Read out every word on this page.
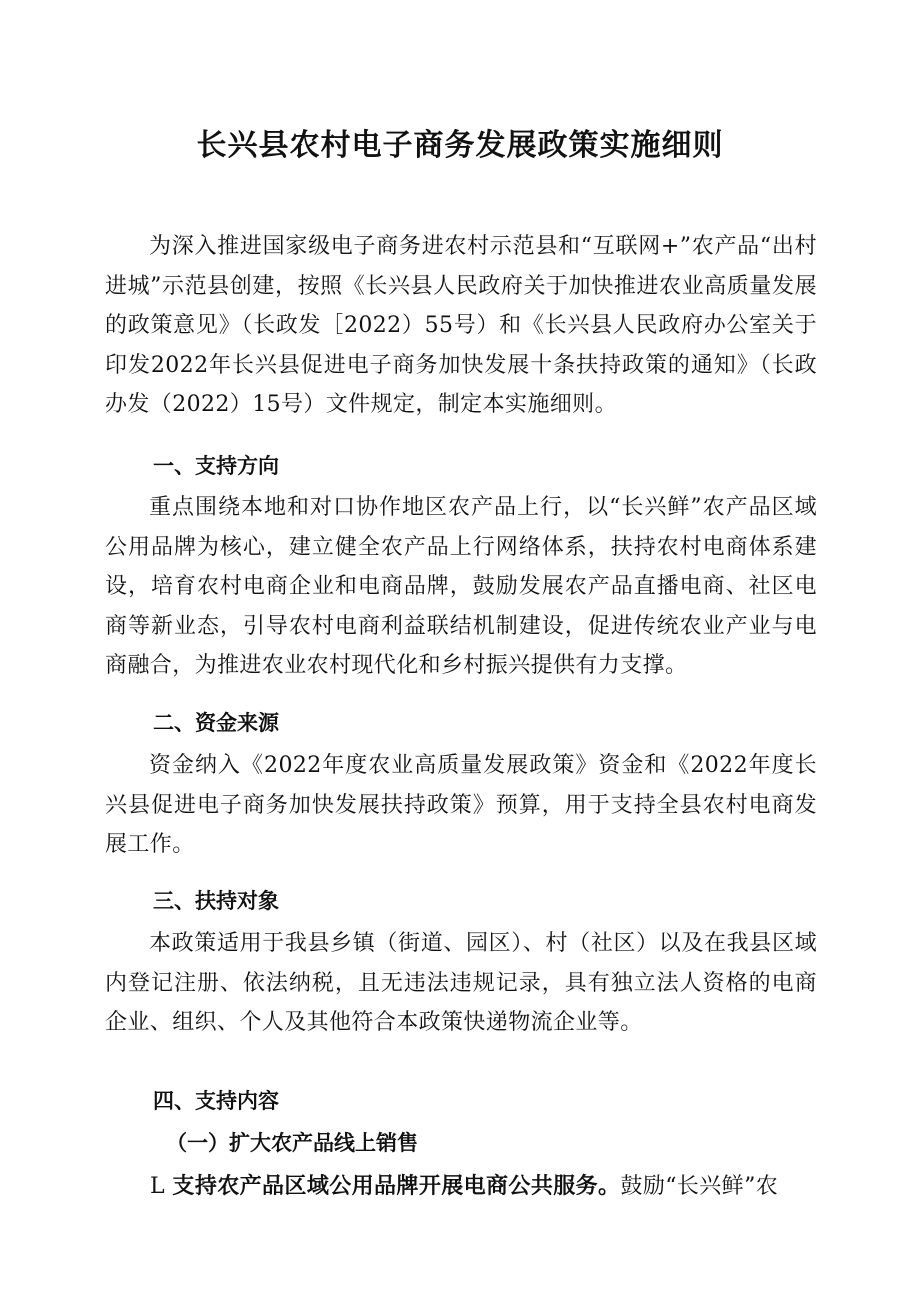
长兴县农村电子商务发展政策实施细则

为深入推进国家级电子商务进农村示范县和“互联网+”农产品“出村进城”示范县创建，按照《长兴县人民政府关于加快推进农业高质量发展的政策意见》（长政发［2022）55号）和《长兴县人民政府办公室关于印发2022年长兴县促进电子商务加快发展十条扶持政策的通知》（长政办发（2022）15号）文件规定，制定本实施细则。

一、支持方向

重点围绕本地和对口协作地区农产品上行，以“长兴鲜”农产品区域公用品牌为核心，建立健全农产品上行网络体系，扶持农村电商体系建设，培育农村电商企业和电商品牌，鼓励发展农产品直播电商、社区电商等新业态，引导农村电商利益联结机制建设，促进传统农业产业与电商融合，为推进农业农村现代化和乡村振兴提供有力支撑。

二、资金来源

资金纳入《2022年度农业高质量发展政策》资金和《2022年度长兴县促进电子商务加快发展扶持政策》预算，用于支持全县农村电商发展工作。

三、扶持对象

本政策适用于我县乡镇（街道、园区）、村（社区）以及在我县区域内登记注册、依法纳税，且无违法违规记录，具有独立法人资格的电商企业、组织、个人及其他符合本政策快递物流企业等。

四、支持内容
（一）扩大农产品线上销售

L 支持农产品区域公用品牌开展电商公共服务。鼓励“长兴鲜”农
